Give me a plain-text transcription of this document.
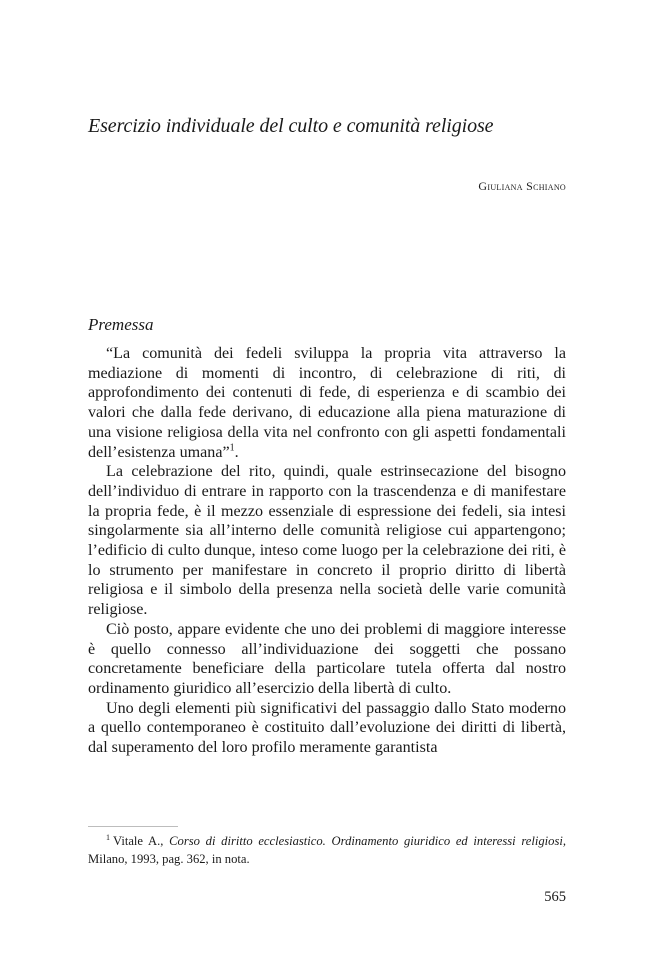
Esercizio individuale del culto e comunità religiose
Giuliana Schiano
Premessa

“La comunità dei fedeli sviluppa la propria vita attraverso la mediazione di momenti di incontro, di celebrazione di riti, di approfondimento dei contenuti di fede, di esperienza e di scambio dei valori che dalla fede derivano, di educazione alla piena maturazione di una visione religiosa della vita nel confronto con gli aspetti fondamentali dell’esistenza umana”$^1$.

La celebrazione del rito, quindi, quale estrinsecazione del bisogno dell’individuo di entrare in rapporto con la trascendenza e di manifestare la propria fede, è il mezzo essenziale di espressione dei fedeli, sia intesi singolarmente sia all’interno delle comunità religiose cui appartengono; l’edificio di culto dunque, inteso come luogo per la celebrazione dei riti, è lo strumento per manifestare in concreto il proprio diritto di libertà religiosa e il simbolo della presenza nella società delle varie comunità religiose.

Ciò posto, appare evidente che uno dei problemi di maggiore interesse è quello connesso all’individuazione dei soggetti che possano concretamente beneficiare della particolare tutela offerta dal nostro ordinamento giuridico all’esercizio della libertà di culto.

Uno degli elementi più significativi del passaggio dallo Stato moderno a quello contemporaneo è costituito dall’evoluzione dei diritti di libertà, dal superamento del loro profilo meramente garantista

$^1$ Vitale A., Corso di diritto ecclesiastico. Ordinamento giuridico ed interessi religiosi, Milano, 1993, pag. 362, in nota.
565
